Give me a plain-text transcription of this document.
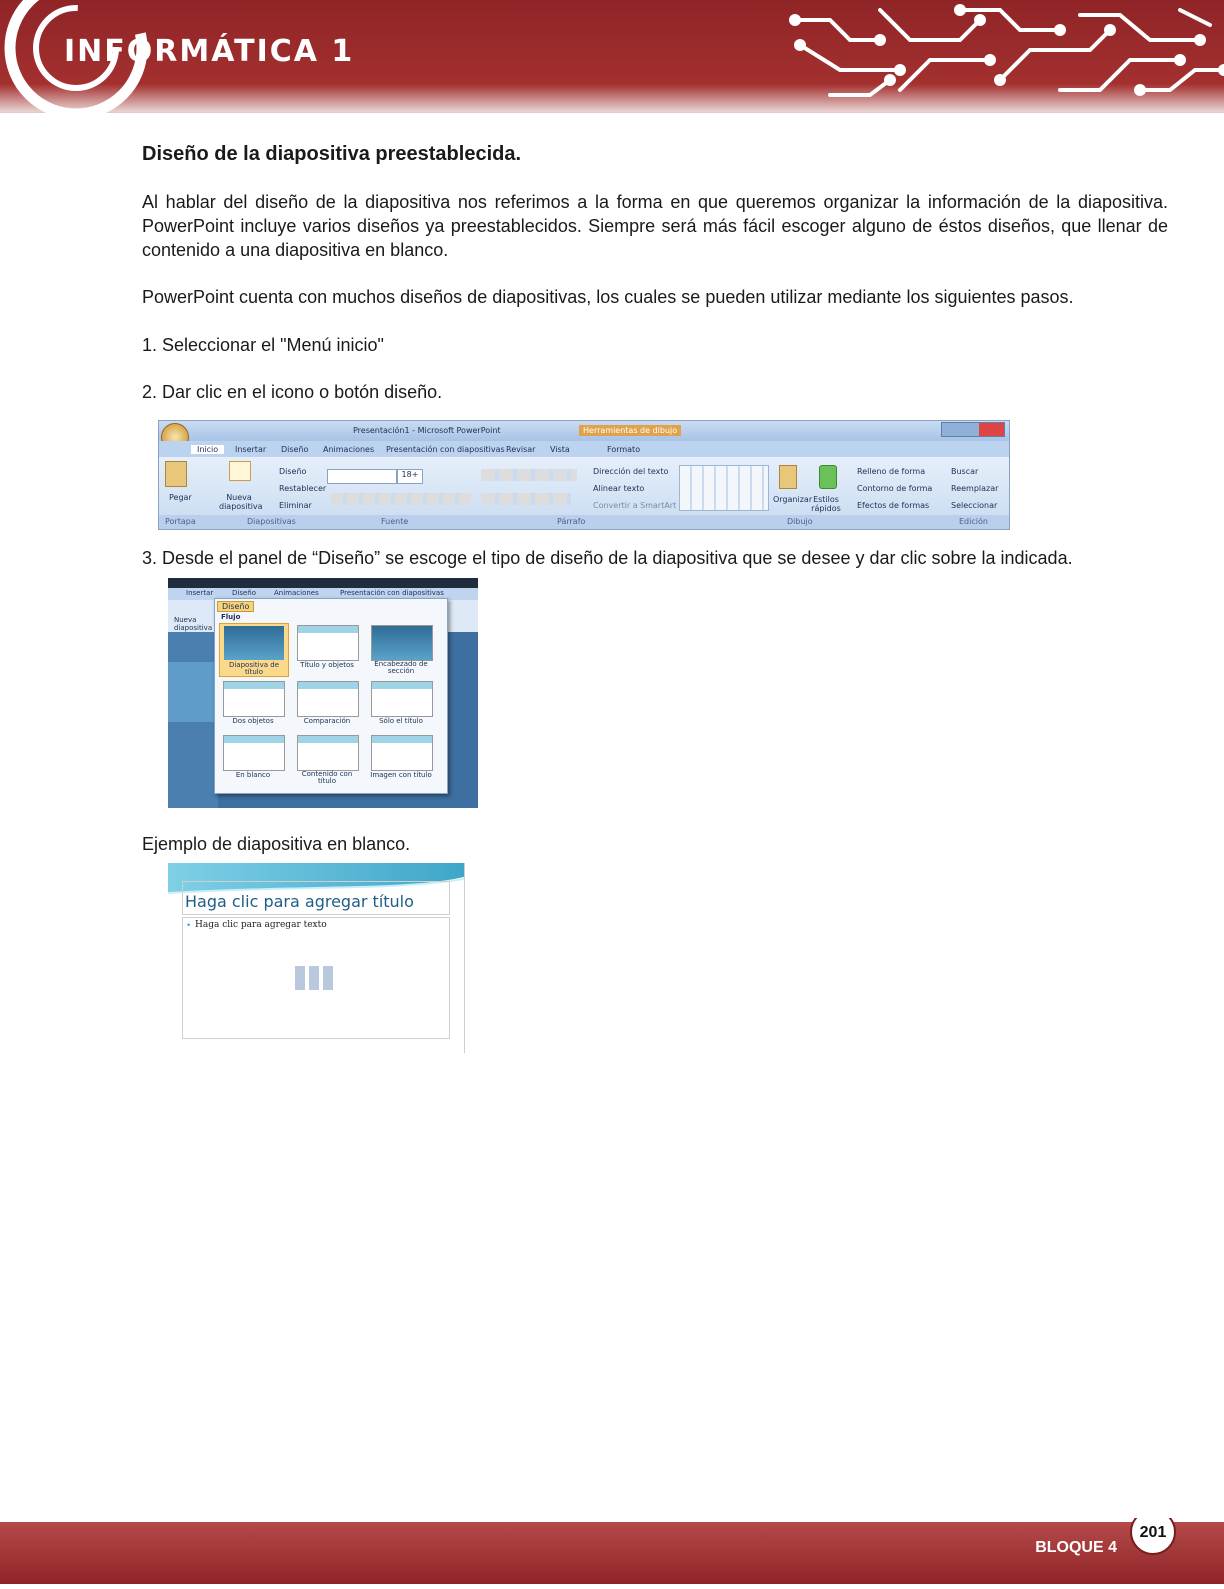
INFORMÁTICA 1
Diseño de la diapositiva preestablecida.
Al hablar del diseño de la diapositiva nos referimos a la forma en que queremos organizar la información de la diapositiva. PowerPoint incluye varios diseños ya preestablecidos. Siempre será más fácil escoger alguno de éstos diseños, que llenar de contenido a una diapositiva en blanco.
PowerPoint cuenta con muchos diseños de diapositivas, los cuales se pueden utilizar mediante los siguientes pasos.
1. Seleccionar el "Menú inicio"
2. Dar clic en el icono o botón diseño.
Presentación1 - Microsoft PowerPoint	Herramientas de dibujo
Inicio	Insertar Diseño Animaciones Presentación con diapositivas Revisar Vista	Formato
Pegar	Nueva diapositiva
Diseño
Restablecer
Eliminar
18+	Dirección del texto
Alinear texto
Convertir a SmartArt
Organizar Estilos rápidos
Relleno de forma
Contorno de forma
Efectos de formas
Buscar
Reemplazar
Seleccionar
Portapa	Diapositivas	Fuente	Párrafo	Dibujo	Edición
3. Desde el panel de “Diseño” se escoge el tipo de diseño de la diapositiva que se desee y dar clic sobre la indicada.
Insertar	Diseño	Animaciones	Presentación con diapositivas
Nueva diapositiva
Diseño
Flujo
Diapositiva de título
Título y objetos	Encabezado de sección
Dos objetos	Comparación	Sólo el título
En blanco	Contenido con título
Imagen con título
Ejemplo de diapositiva en blanco.
Haga clic para agregar título
• Haga clic para agregar texto
BLOQUE 4
201
